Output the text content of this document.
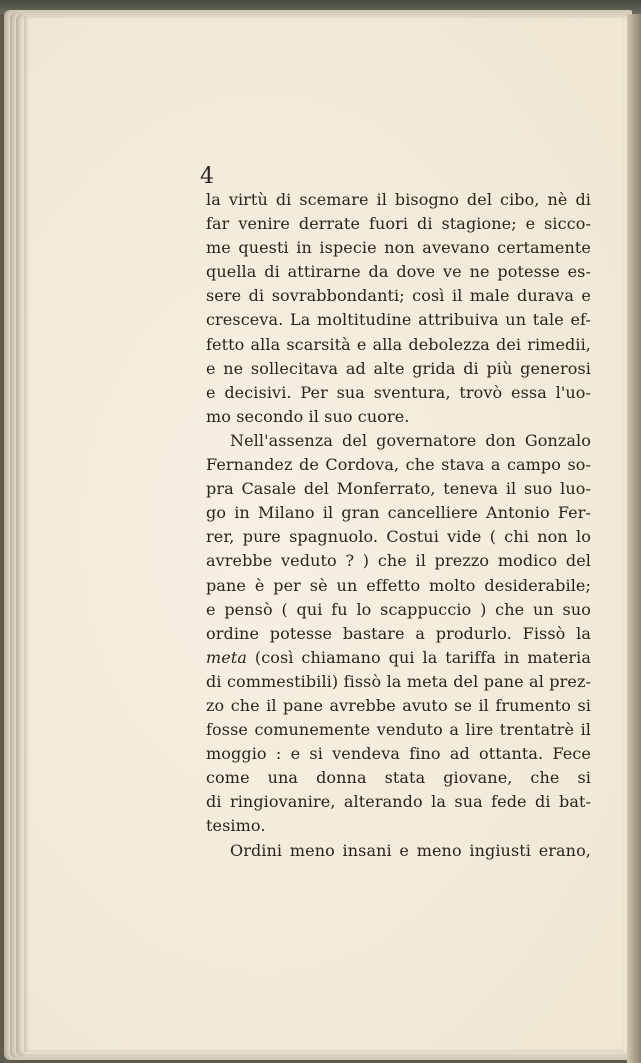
4
la virtù di scemare il bisogno del cibo, nè di
far venire derrate fuori di stagione; e sicco-
me questi in ispecie non avevano certamente
quella di attirarne da dove ve ne potesse es-
sere di sovrabbondanti; così il male durava e
cresceva. La moltitudine attribuiva un tale ef-
fetto alla scarsità e alla debolezza dei rimedii,
e ne sollecitava ad alte grida di più generosi
e decisivi. Per sua sventura, trovò essa l'uo-
mo secondo il suo cuore.
Nell'assenza del governatore don Gonzalo
Fernandez de Cordova, che stava a campo so-
pra Casale del Monferrato, teneva il suo luo-
go in Milano il gran cancelliere Antonio Fer-
rer, pure spagnuolo. Costui vide ( chi non lo
avrebbe veduto ? ) che il prezzo modico del
pane è per sè un effetto molto desiderabile;
e pensò ( qui fu lo scappuccio ) che un suo
ordine potesse bastare a produrlo. Fissò la
meta (così chiamano qui la tariffa in materia
di commestibili) fissò la meta del pane al prez-
zo che il pane avrebbe avuto se il frumento si
fosse comunemente venduto a lire trentatrè il
moggio : e si vendeva fino ad ottanta. Fece
come una donna stata giovane, che si
di ringiovanire, alterando la sua fede di bat-
tesimo.
Ordini meno insani e meno ingiusti erano,
